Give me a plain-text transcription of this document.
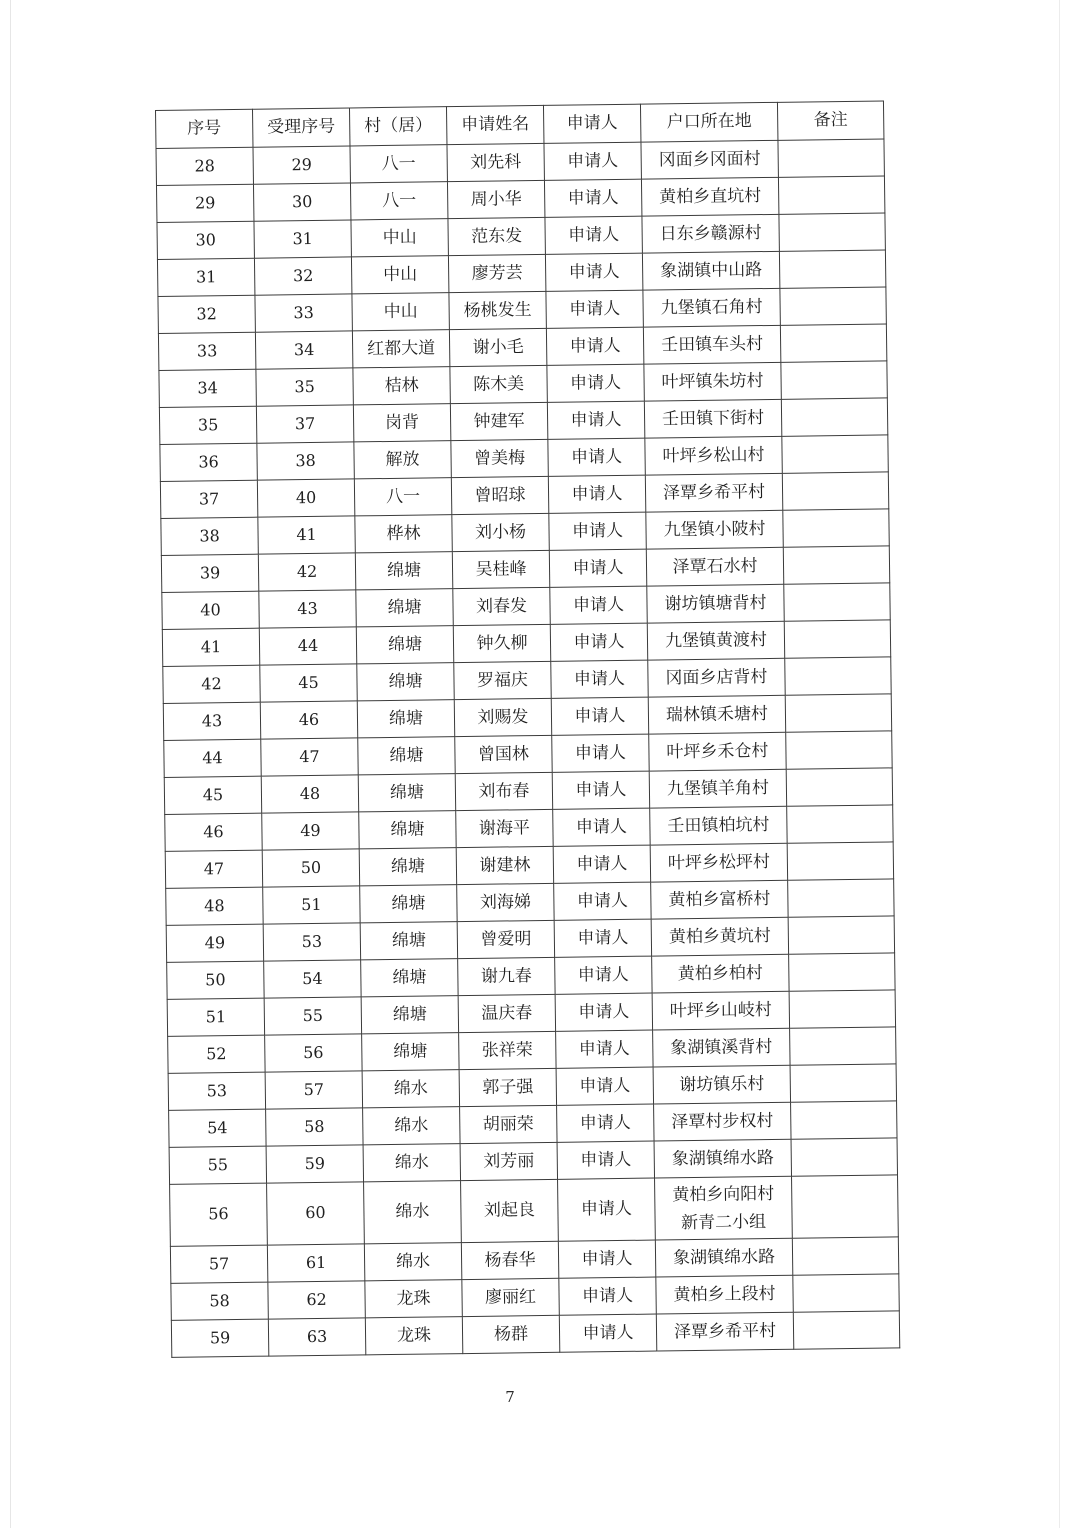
序号	受理序号	村（居）	申请姓名	申请人	户口所在地	备注
28	29	八一	刘先科	申请人	冈面乡冈面村	
29	30	八一	周小华	申请人	黄柏乡直坑村	
30	31	中山	范东发	申请人	日东乡赣源村	
31	32	中山	廖芳芸	申请人	象湖镇中山路	
32	33	中山	杨桃发生	申请人	九堡镇石角村	
33	34	红都大道	谢小毛	申请人	壬田镇车头村	
34	35	桔林	陈木美	申请人	叶坪镇朱坊村	
35	37	岗背	钟建军	申请人	壬田镇下街村	
36	38	解放	曾美梅	申请人	叶坪乡松山村	
37	40	八一	曾昭球	申请人	泽覃乡希平村	
38	41	桦林	刘小杨	申请人	九堡镇小陂村	
39	42	绵塘	吴桂峰	申请人	泽覃石水村	
40	43	绵塘	刘春发	申请人	谢坊镇塘背村	
41	44	绵塘	钟久柳	申请人	九堡镇黄渡村	
42	45	绵塘	罗福庆	申请人	冈面乡店背村	
43	46	绵塘	刘赐发	申请人	瑞林镇禾塘村	
44	47	绵塘	曾国林	申请人	叶坪乡禾仓村	
45	48	绵塘	刘布春	申请人	九堡镇羊角村	
46	49	绵塘	谢海平	申请人	壬田镇柏坑村	
47	50	绵塘	谢建林	申请人	叶坪乡松坪村	
48	51	绵塘	刘海娣	申请人	黄柏乡富桥村	
49	53	绵塘	曾爱明	申请人	黄柏乡黄坑村	
50	54	绵塘	谢九春	申请人	黄柏乡柏村	
51	55	绵塘	温庆春	申请人	叶坪乡山岐村	
52	56	绵塘	张祥荣	申请人	象湖镇溪背村	
53	57	绵水	郭子强	申请人	谢坊镇乐村	
54	58	绵水	胡丽荣	申请人	泽覃村步权村	
55	59	绵水	刘芳丽	申请人	象湖镇绵水路	
56	60	绵水	刘起良	申请人	黄柏乡向阳村
新青二小组	

57	61	绵水	杨春华	申请人	象湖镇绵水路	
58	62	龙珠	廖丽红	申请人	黄柏乡上段村	
59	63	龙珠	杨群	申请人	泽覃乡希平村	
7
